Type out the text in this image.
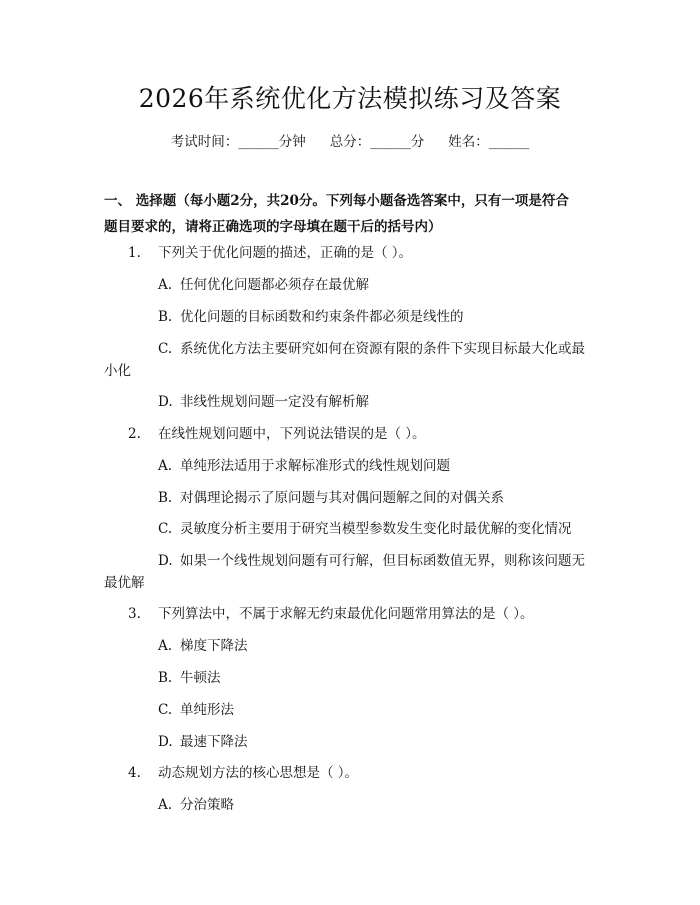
2026年系统优化方法模拟练习及答案
考试时间：______分钟 总分：______分 姓名：______
一、 选择题（每小题2分，共20分。下列每小题备选答案中，只有一项是符合
题目要求的，请将正确选项的字母填在题干后的括号内）
1. 下列关于优化问题的描述，正确的是（ ）。
A. 任何优化问题都必须存在最优解
B. 优化问题的目标函数和约束条件都必须是线性的
C. 系统优化方法主要研究如何在资源有限的条件下实现目标最大化或最
小化
D. 非线性规划问题一定没有解析解
2. 在线性规划问题中，下列说法错误的是（ ）。
A. 单纯形法适用于求解标准形式的线性规划问题
B. 对偶理论揭示了原问题与其对偶问题解之间的对偶关系
C. 灵敏度分析主要用于研究当模型参数发生变化时最优解的变化情况
D. 如果一个线性规划问题有可行解，但目标函数值无界，则称该问题无
最优解
3. 下列算法中，不属于求解无约束最优化问题常用算法的是（ ）。
A. 梯度下降法
B. 牛顿法
C. 单纯形法
D. 最速下降法
4. 动态规划方法的核心思想是（ ）。
A. 分治策略
